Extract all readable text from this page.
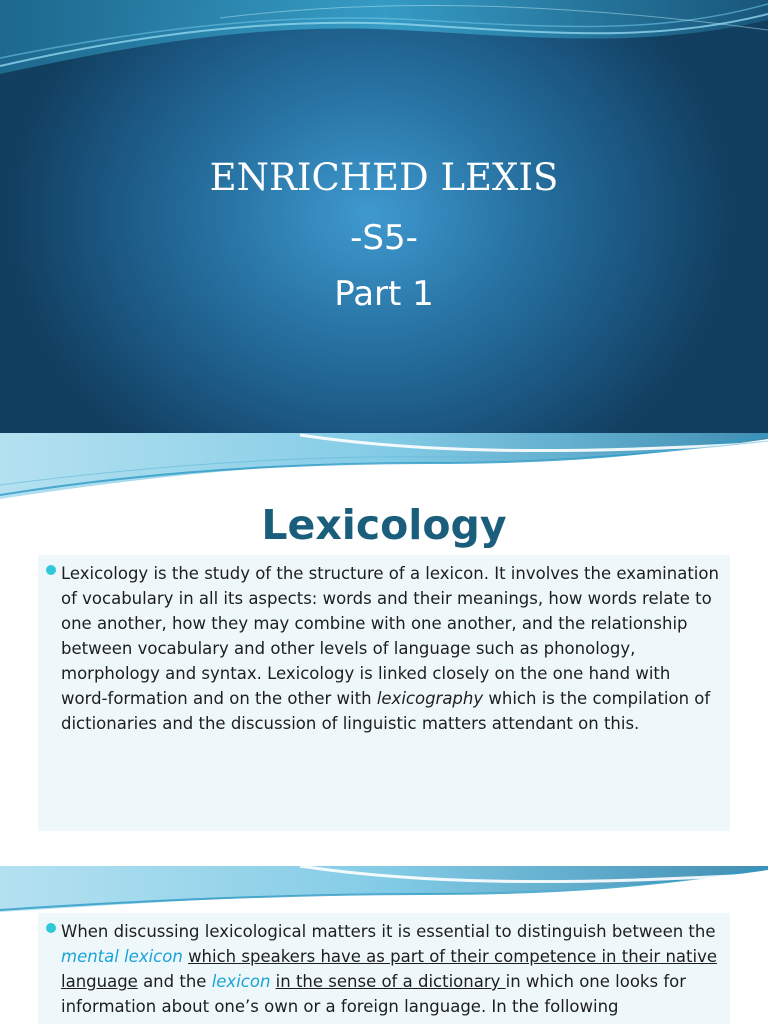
ENRICHED LEXIS
-S5-
Part 1
Lexicology
Lexicology is the study of the structure of a lexicon. It involves the examination of vocabulary in all its aspects: words and their meanings, how words relate to one another, how they may combine with one another, and the relationship between vocabulary and other levels of language such as phonology, morphology and syntax. Lexicology is linked closely on the one hand with word-formation and on the other with lexicography which is the compilation of dictionaries and the discussion of linguistic matters attendant on this.
When discussing lexicological matters it is essential to distinguish between the mental lexicon which speakers have as part of their competence in their native language and the lexicon in the sense of a dictionary in which one looks for information about one’s own or a foreign language. In the following
